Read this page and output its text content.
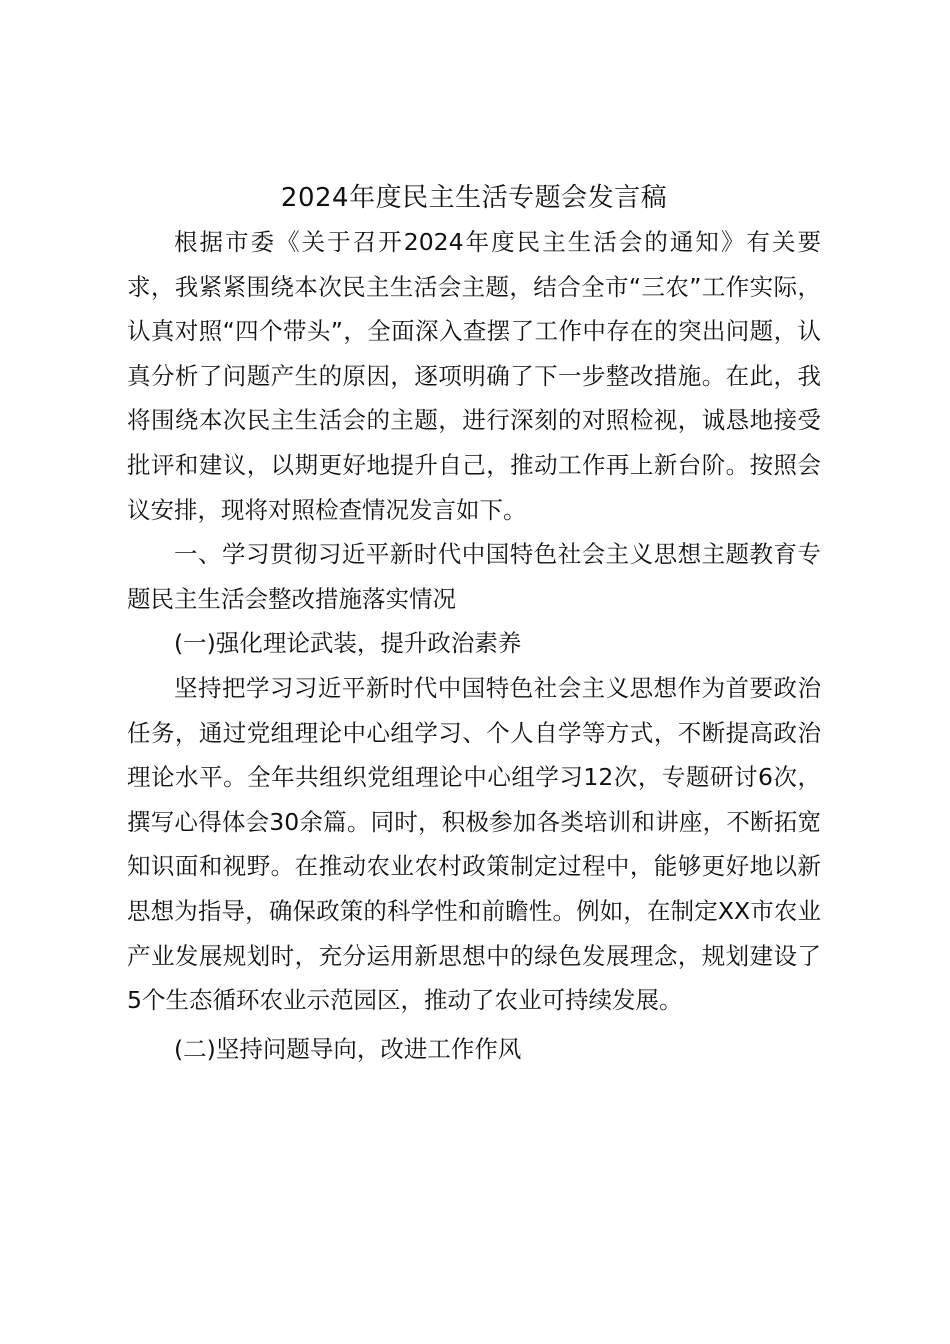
2024年度民主生活专题会发言稿

根据市委《关于召开2024年度民主生活会的通知》有关要求，我紧紧围绕本次民主生活会主题，结合全市“三农”工作实际，认真对照“四个带头”，全面深入查摆了工作中存在的突出问题，认真分析了问题产生的原因，逐项明确了下一步整改措施。在此，我将围绕本次民主生活会的主题，进行深刻的对照检视，诚恳地接受批评和建议，以期更好地提升自己，推动工作再上新台阶。按照会议安排，现将对照检查情况发言如下。

一、学习贯彻习近平新时代中国特色社会主义思想主题教育专题民主生活会整改措施落实情况

(一)强化理论武装，提升政治素养

坚持把学习习近平新时代中国特色社会主义思想作为首要政治任务，通过党组理论中心组学习、个人自学等方式，不断提高政治理论水平。全年共组织党组理论中心组学习12次，专题研讨6次，撰写心得体会30余篇。同时，积极参加各类培训和讲座，不断拓宽知识面和视野。在推动农业农村政策制定过程中，能够更好地以新思想为指导，确保政策的科学性和前瞻性。例如，在制定XX市农业产业发展规划时，充分运用新思想中的绿色发展理念，规划建设了5个生态循环农业示范园区，推动了农业可持续发展。

(二)坚持问题导向，改进工作作风
